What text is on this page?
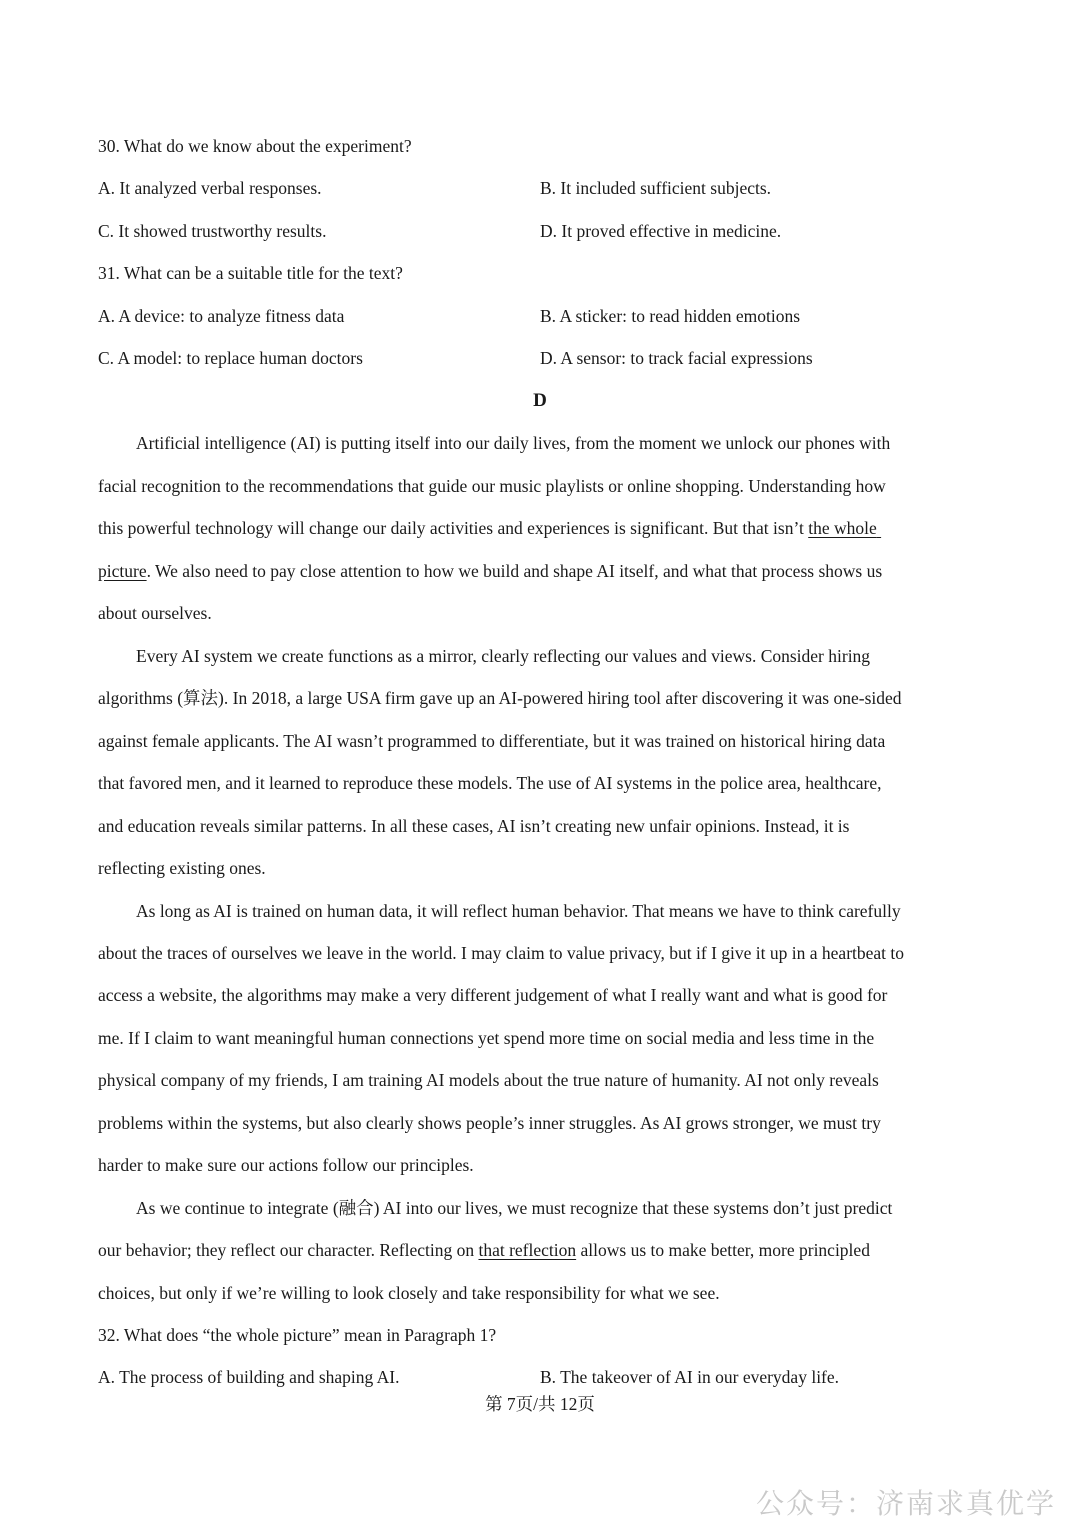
30. What do we know about the experiment?
A. It analyzed verbal responses.	B. It included sufficient subjects.
C. It showed trustworthy results.	D. It proved effective in medicine.
31. What can be a suitable title for the text?
A. A device: to analyze fitness data	B. A sticker: to read hidden emotions
C. A model: to replace human doctors	D. A sensor: to track facial expressions
D
Artificial intelligence (AI) is putting itself into our daily lives, from the moment we unlock our phones with
facial recognition to the recommendations that guide our music playlists or online shopping. Understanding how
this powerful technology will change our daily activities and experiences is significant. But that isn’t the whole
picture. We also need to pay close attention to how we build and shape AI itself, and what that process shows us
about ourselves.
Every AI system we create functions as a mirror, clearly reflecting our values and views. Consider hiring
algorithms (算法). In 2018, a large USA firm gave up an AI-powered hiring tool after discovering it was one-sided
against female applicants. The AI wasn’t programmed to differentiate, but it was trained on historical hiring data
that favored men, and it learned to reproduce these models. The use of AI systems in the police area, healthcare,
and education reveals similar patterns. In all these cases, AI isn’t creating new unfair opinions. Instead, it is
reflecting existing ones.
As long as AI is trained on human data, it will reflect human behavior. That means we have to think carefully
about the traces of ourselves we leave in the world. I may claim to value privacy, but if I give it up in a heartbeat to
access a website, the algorithms may make a very different judgement of what I really want and what is good for
me. If I claim to want meaningful human connections yet spend more time on social media and less time in the
physical company of my friends, I am training AI models about the true nature of humanity. AI not only reveals
problems within the systems, but also clearly shows people’s inner struggles. As AI grows stronger, we must try
harder to make sure our actions follow our principles.
As we continue to integrate (融合) AI into our lives, we must recognize that these systems don’t just predict
our behavior; they reflect our character. Reflecting on that reflection allows us to make better, more principled
choices, but only if we’re willing to look closely and take responsibility for what we see.
32. What does “the whole picture” mean in Paragraph 1?
A. The process of building and shaping AI.	B. The takeover of AI in our everyday life.
第 7页/共 12页
公众号：济南求真优学
